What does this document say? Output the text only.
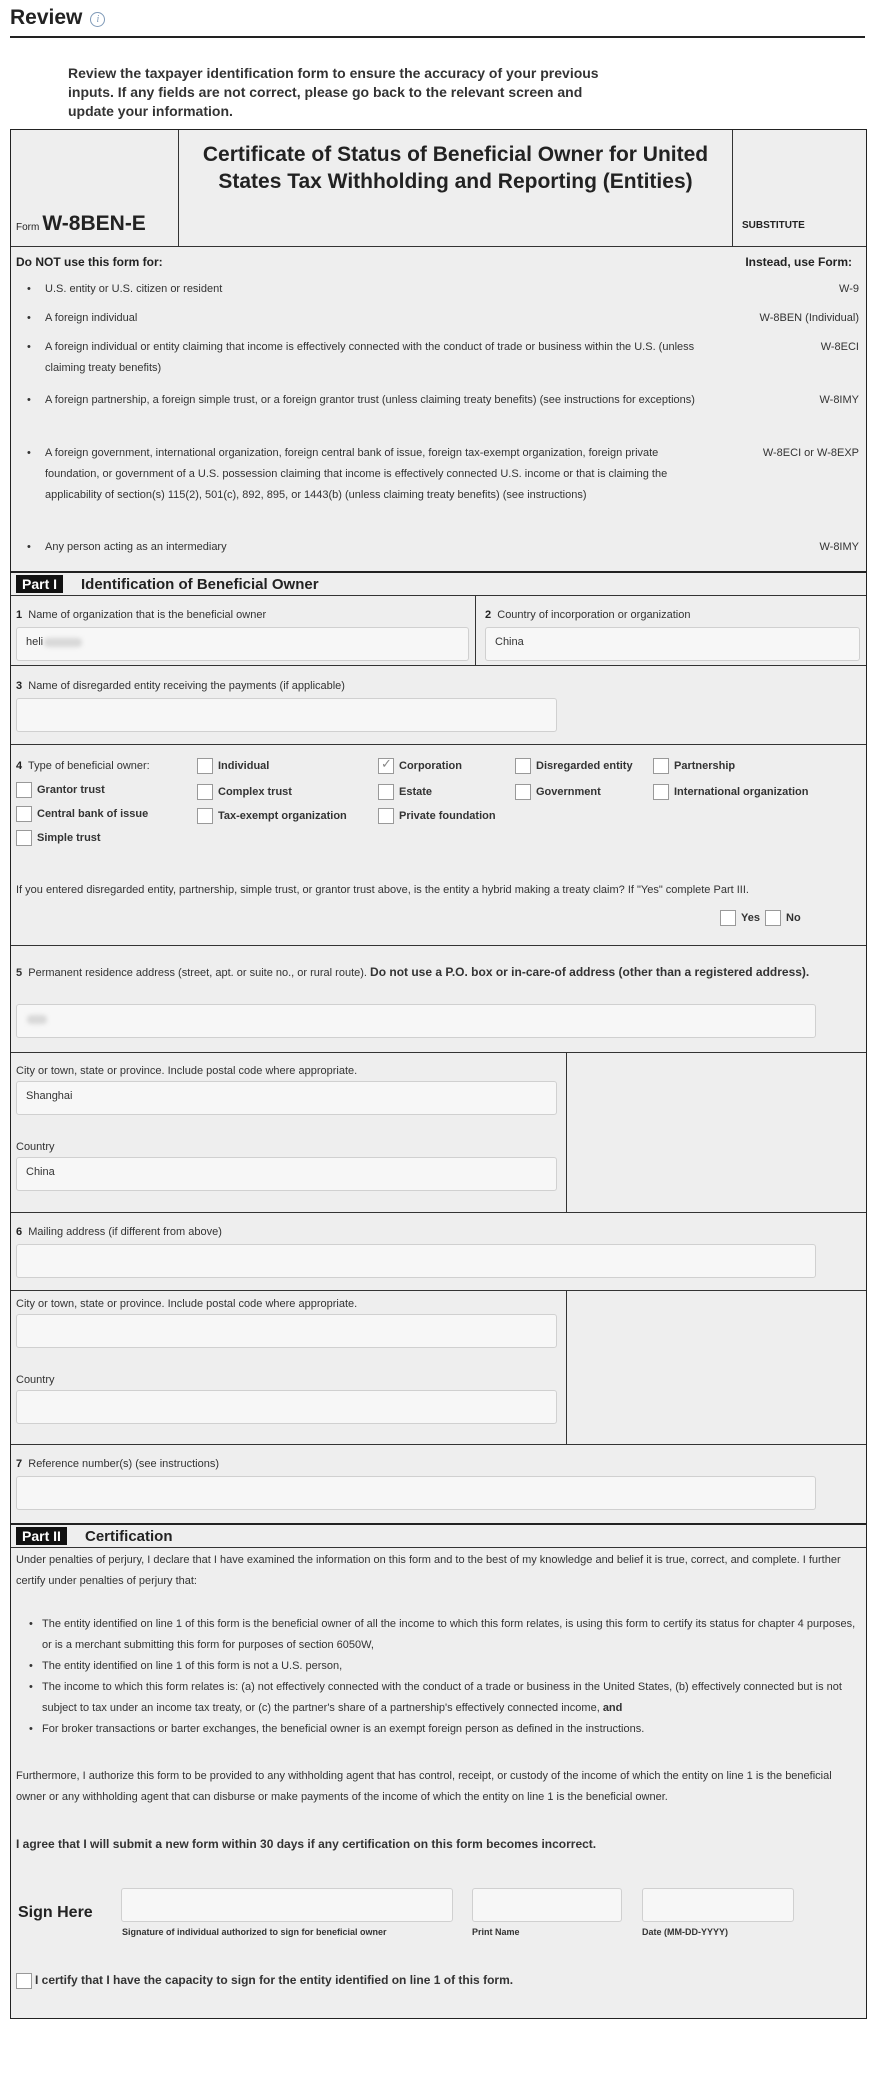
Review i
Review the taxpayer identification form to ensure the accuracy of your previous inputs. If any fields are not correct, please go back to the relevant screen and update your information.
Form W-8BEN-E
Certificate of Status of Beneficial Owner for United States Tax Withholding and Reporting (Entities)
SUBSTITUTE
Do NOT use this form for:	Instead, use Form:
• U.S. entity or U.S. citizen or resident	W-9
• A foreign individual	W-8BEN (Individual)
• A foreign individual or entity claiming that income is effectively connected with the conduct of trade or business within the U.S. (unless claiming treaty benefits)
W-8ECI
• A foreign partnership, a foreign simple trust, or a foreign grantor trust (unless claiming treaty benefits) (see instructions for exceptions)	W-8IMY
• A foreign government, international organization, foreign central bank of issue, foreign tax-exempt organization, foreign private foundation, or government of a U.S. possession claiming that income is effectively connected U.S. income or that is claiming the applicability of section(s) 115(2), 501(c), 892, 895, or 1443(b) (unless claiming treaty benefits) (see instructions)
W-8ECI or W-8EXP
• Any person acting as an intermediary	W-8IMY
Part I	Identification of Beneficial Owner
1 Name of organization that is the beneficial owner
heli
2 Country of incorporation or organization
China
3 Name of disregarded entity receiving the payments (if applicable)
4 Type of beneficial owner:	Individual	✓ Corporation	Disregarded entity	Partnership
Grantor trust	Complex trust	Estate	Government	International organization
Central bank of issue	Tax-exempt organization	Private foundation
Simple trust
If you entered disregarded entity, partnership, simple trust, or grantor trust above, is the entity a hybrid making a treaty claim? If "Yes" complete Part III.
Yes No
5 Permanent residence address (street, apt. or suite no., or rural route). Do not use a P.O. box or in-care-of address (other than a registered address).
City or town, state or province. Include postal code where appropriate.
Shanghai
Country
China
6 Mailing address (if different from above)
City or town, state or province. Include postal code where appropriate.
Country
7 Reference number(s) (see instructions)
Part II	Certification
Under penalties of perjury, I declare that I have examined the information on this form and to the best of my knowledge and belief it is true, correct, and complete. I further certify under penalties of perjury that:
• The entity identified on line 1 of this form is the beneficial owner of all the income to which this form relates, is using this form to certify its status for chapter 4 purposes, or is a merchant submitting this form for purposes of section 6050W,
• The entity identified on line 1 of this form is not a U.S. person,
• The income to which this form relates is: (a) not effectively connected with the conduct of a trade or business in the United States, (b) effectively connected but is not subject to tax under an income tax treaty, or (c) the partner's share of a partnership's effectively connected income, and
• For broker transactions or barter exchanges, the beneficial owner is an exempt foreign person as defined in the instructions.
Furthermore, I authorize this form to be provided to any withholding agent that has control, receipt, or custody of the income of which the entity on line 1 is the beneficial owner or any withholding agent that can disburse or make payments of the income of which the entity on line 1 is the beneficial owner.
I agree that I will submit a new form within 30 days if any certification on this form becomes incorrect.
Sign Here
Signature of individual authorized to sign for beneficial owner	Print Name	Date (MM-DD-YYYY)
I certify that I have the capacity to sign for the entity identified on line 1 of this form.
